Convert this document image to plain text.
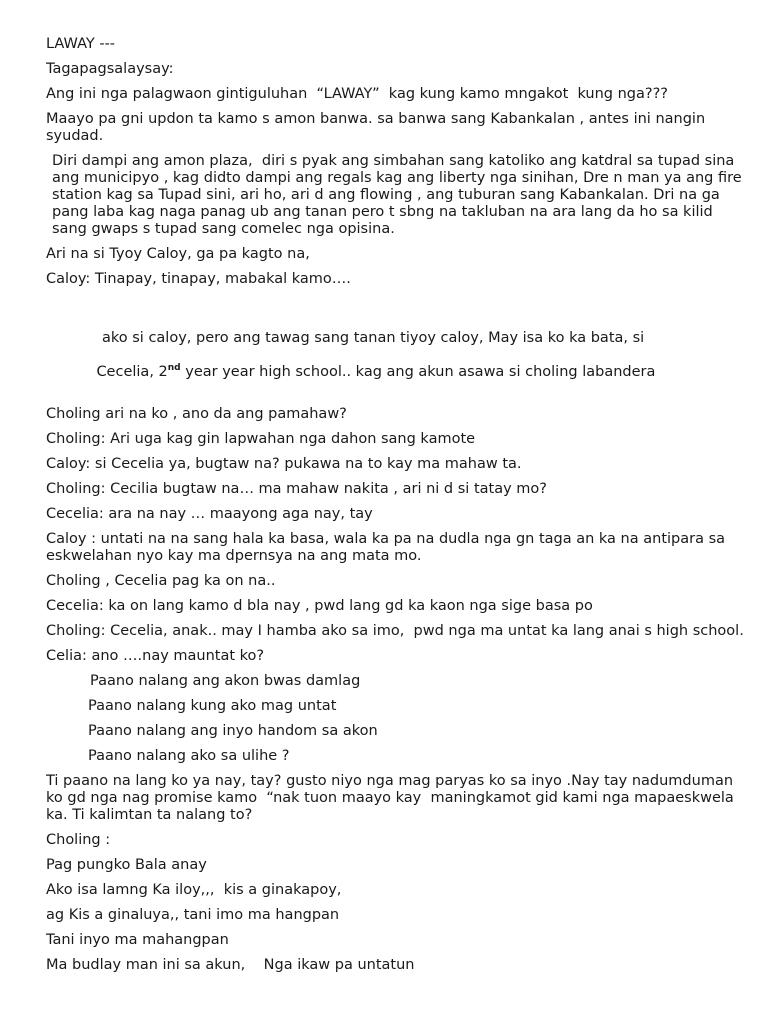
LAWAY ---
Tagapagsalaysay:
Ang ini nga palagwaon gintiguluhan  “LAWAY”  kag kung kamo mngakot  kung nga???
Maayo pa gni updon ta kamo s amon banwa. sa banwa sang Kabankalan , antes ini nangin syudad.
Diri dampi ang amon plaza,  diri s pyak ang simbahan sang katoliko ang katdral sa tupad sina ang municipyo , kag didto dampi ang regals kag ang liberty nga sinihan, Dre n man ya ang fire station kag sa Tupad sini, ari ho, ari d ang flowing , ang tuburan sang Kabankalan. Dri na ga pang laba kag naga panag ub ang tanan pero t sbng na takluban na ara lang da ho sa kilid sang gwaps s tupad sang comelec nga opisina.
Ari na si Tyoy Caloy, ga pa kagto na,
Caloy: Tinapay, tinapay, mabakal kamo….

ako si caloy, pero ang tawag sang tanan tiyoy caloy, May isa ko ka bata, si

Cecelia, 2nd year year high school.. kag ang akun asawa si choling labandera

Choling ari na ko , ano da ang pamahaw?
Choling: Ari uga kag gin lapwahan nga dahon sang kamote
Caloy: si Cecelia ya, bugtaw na? pukawa na to kay ma mahaw ta.
Choling: Cecilia bugtaw na… ma mahaw nakita , ari ni d si tatay mo?
Cecelia: ara na nay … maayong aga nay, tay
Caloy : untati na na sang hala ka basa, wala ka pa na dudla nga gn taga an ka na antipara sa eskwelahan nyo kay ma dpernsya na ang mata mo.
Choling , Cecelia pag ka on na..
Cecelia: ka on lang kamo d bla nay , pwd lang gd ka kaon nga sige basa po
Choling: Cecelia, anak.. may I hamba ako sa imo,  pwd nga ma untat ka lang anai s high school.
Celia: ano ….nay mauntat ko?
Paano nalang ang akon bwas damlag
Paano nalang kung ako mag untat
Paano nalang ang inyo handom sa akon
Paano nalang ako sa ulihe ?
Ti paano na lang ko ya nay, tay? gusto niyo nga mag paryas ko sa inyo .Nay tay nadumduman  ko gd nga nag promise kamo  “nak tuon maayo kay  maningkamot gid kami nga mapaeskwela ka. Ti kalimtan ta nalang to?
Choling :
Pag pungko Bala anay
Ako isa lamng Ka iloy,,,  kis a ginakapoy,
ag Kis a ginaluya,, tani imo ma hangpan
Tani inyo ma mahangpan
Ma budlay man ini sa akun,    Nga ikaw pa untatun
